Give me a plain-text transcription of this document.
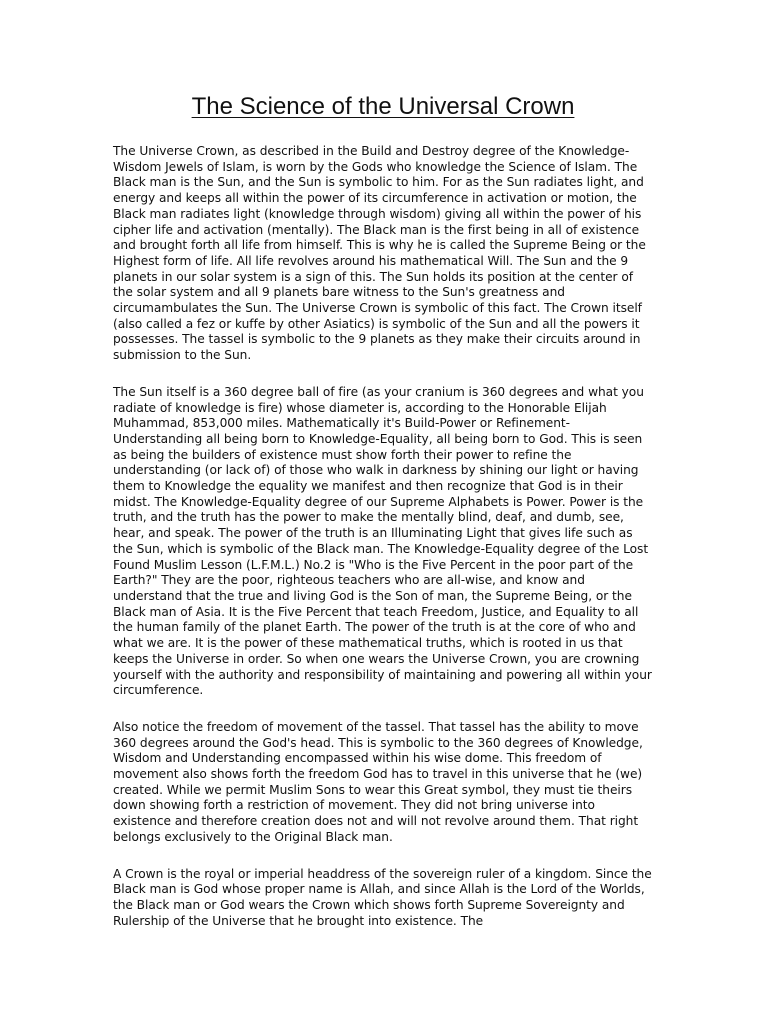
The Science of the Universal Crown

The Universe Crown, as described in the Build and Destroy degree of the Knowledge-Wisdom Jewels of Islam, is worn by the Gods who knowledge the Science of Islam. The Black man is the Sun, and the Sun is symbolic to him. For as the Sun radiates light, and energy and keeps all within the power of its circumference in activation or motion, the Black man radiates light (knowledge through wisdom) giving all within the power of his cipher life and activation (mentally). The Black man is the first being in all of existence and brought forth all life from himself. This is why he is called the Supreme Being or the Highest form of life. All life revolves around his mathematical Will. The Sun and the 9 planets in our solar system is a sign of this. The Sun holds its position at the center of the solar system and all 9 planets bare witness to the Sun's greatness and circumambulates the Sun. The Universe Crown is symbolic of this fact. The Crown itself (also called a fez or kuffe by other Asiatics) is symbolic of the Sun and all the powers it possesses. The tassel is symbolic to the 9 planets as they make their circuits around in submission to the Sun.

The Sun itself is a 360 degree ball of fire (as your cranium is 360 degrees and what you radiate of knowledge is fire) whose diameter is, according to the Honorable Elijah Muhammad, 853,000 miles. Mathematically it's Build-Power or Refinement-Understanding all being born to Knowledge-Equality, all being born to God. This is seen as being the builders of existence must show forth their power to refine the understanding (or lack of) of those who walk in darkness by shining our light or having them to Knowledge the equality we manifest and then recognize that God is in their midst. The Knowledge-Equality degree of our Supreme Alphabets is Power. Power is the truth, and the truth has the power to make the mentally blind, deaf, and dumb, see, hear, and speak. The power of the truth is an Illuminating Light that gives life such as the Sun, which is symbolic of the Black man. The Knowledge-Equality degree of the Lost Found Muslim Lesson (L.F.M.L.) No.2 is "Who is the Five Percent in the poor part of the Earth?" They are the poor, righteous teachers who are all-wise, and know and understand that the true and living God is the Son of man, the Supreme Being, or the Black man of Asia. It is the Five Percent that teach Freedom, Justice, and Equality to all the human family of the planet Earth. The power of the truth is at the core of who and what we are. It is the power of these mathematical truths, which is rooted in us that keeps the Universe in order. So when one wears the Universe Crown, you are crowning yourself with the authority and responsibility of maintaining and powering all within your circumference.

Also notice the freedom of movement of the tassel. That tassel has the ability to move 360 degrees around the God's head. This is symbolic to the 360 degrees of Knowledge, Wisdom and Understanding encompassed within his wise dome. This freedom of movement also shows forth the freedom God has to travel in this universe that he (we) created. While we permit Muslim Sons to wear this Great symbol, they must tie theirs down showing forth a restriction of movement. They did not bring universe into existence and therefore creation does not and will not revolve around them. That right belongs exclusively to the Original Black man.

A Crown is the royal or imperial headdress of the sovereign ruler of a kingdom. Since the Black man is God whose proper name is Allah, and since Allah is the Lord of the Worlds, the Black man or God wears the Crown which shows forth Supreme Sovereignty and Rulership of the Universe that he brought into existence. The
